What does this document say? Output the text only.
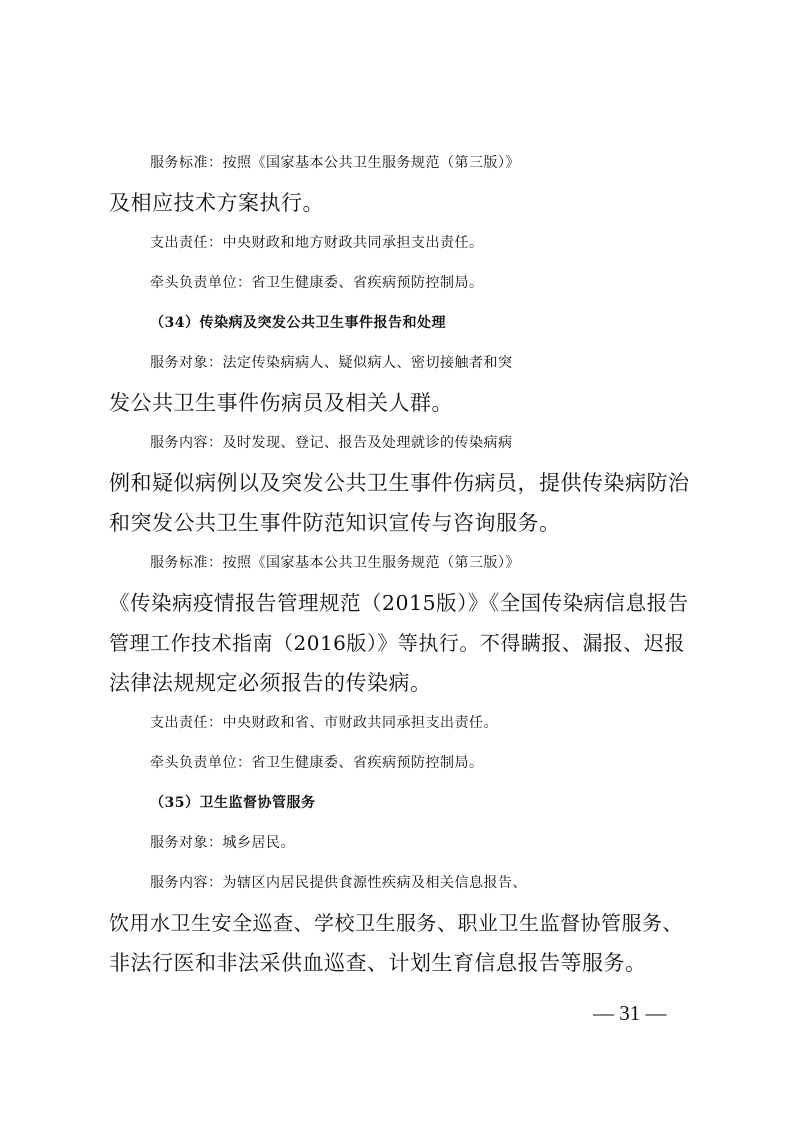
服务标准：按照《国家基本公共卫生服务规范（第三版）》
及相应技术方案执行。
支出责任：中央财政和地方财政共同承担支出责任。
牵头负责单位：省卫生健康委、省疾病预防控制局。
（34）传染病及突发公共卫生事件报告和处理
服务对象：法定传染病病人、疑似病人、密切接触者和突
发公共卫生事件伤病员及相关人群。
服务内容：及时发现、登记、报告及处理就诊的传染病病
例和疑似病例以及突发公共卫生事件伤病员，提供传染病防治
和突发公共卫生事件防范知识宣传与咨询服务。
服务标准：按照《国家基本公共卫生服务规范（第三版）》
《传染病疫情报告管理规范（2015版）》《全国传染病信息报告
管理工作技术指南（2016版）》等执行。不得瞒报、漏报、迟报
法律法规规定必须报告的传染病。
支出责任：中央财政和省、市财政共同承担支出责任。
牵头负责单位：省卫生健康委、省疾病预防控制局。
（35）卫生监督协管服务
服务对象：城乡居民。
服务内容：为辖区内居民提供食源性疾病及相关信息报告、
饮用水卫生安全巡查、学校卫生服务、职业卫生监督协管服务、
非法行医和非法采供血巡查、计划生育信息报告等服务。
— 31 —
